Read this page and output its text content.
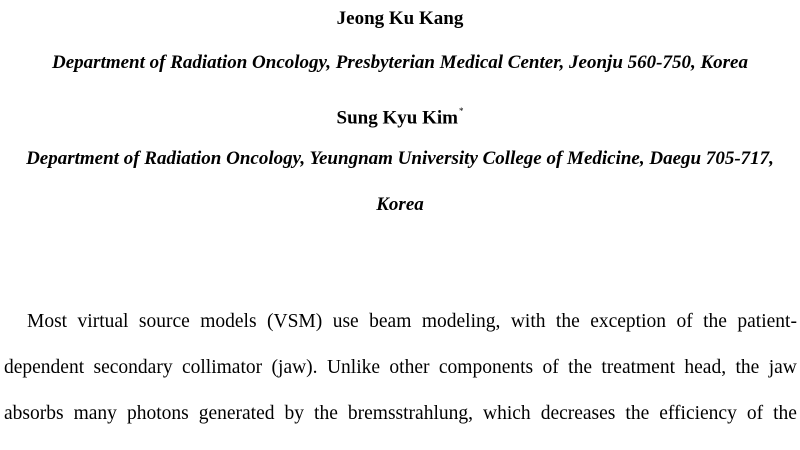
Jeong Ku Kang
Department of Radiation Oncology, Presbyterian Medical Center, Jeonju 560-750, Korea
Sung Kyu Kim*
Department of Radiation Oncology, Yeungnam University College of Medicine, Daegu 705-717,
Korea
Most virtual source models (VSM) use beam modeling, with the exception of the patient-
dependent secondary collimator (jaw). Unlike other components of the treatment head, the jaw
absorbs many photons generated by the bremsstrahlung, which decreases the efficiency of the
